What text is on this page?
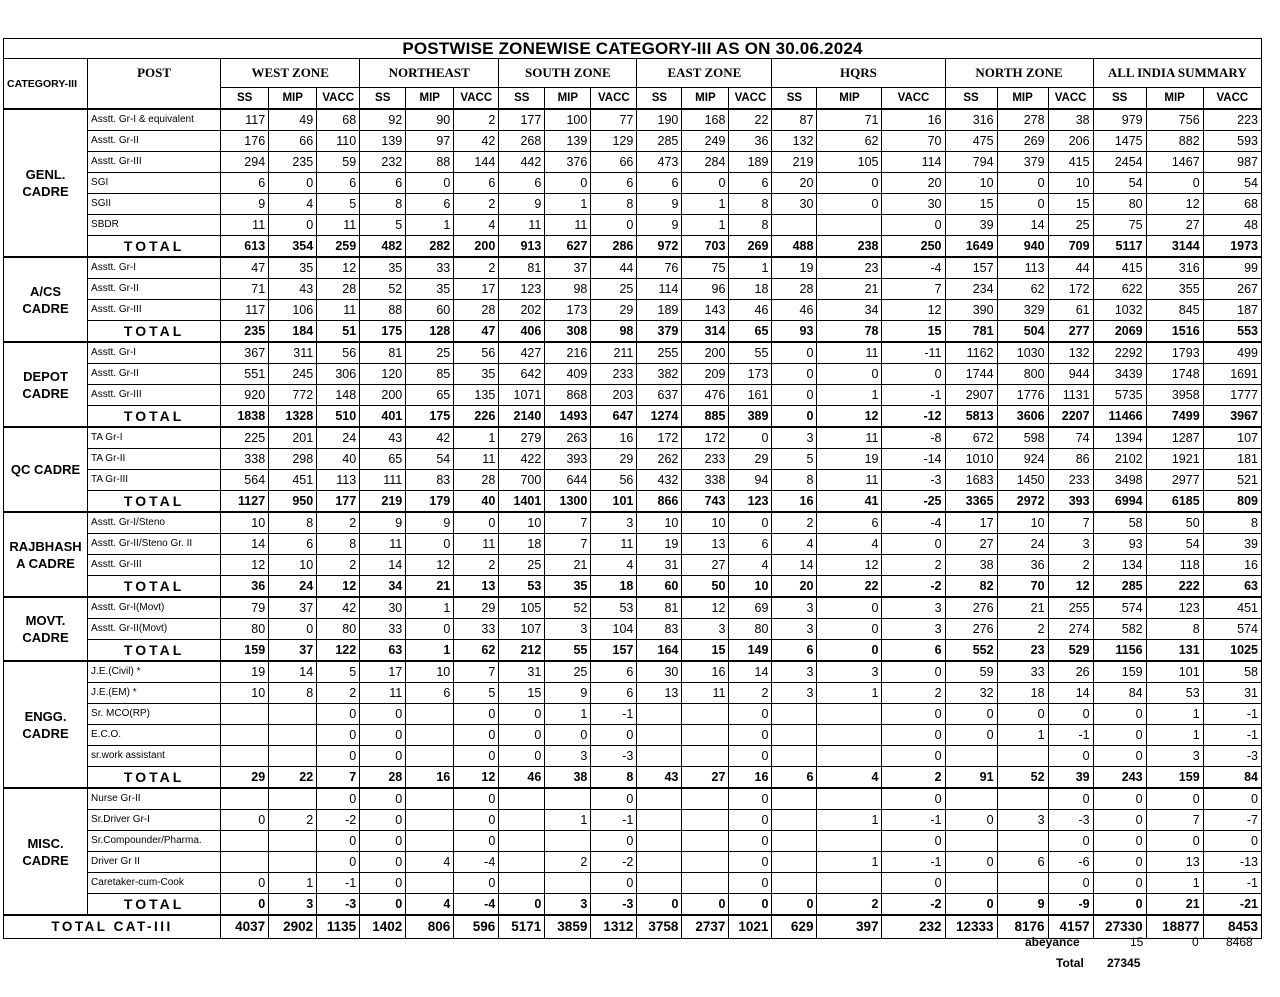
POSTWISE ZONEWISE CATEGORY-III AS ON 30.06.2024																						
CATEGORY-III	POST	WEST ZONE			NORTHEAST			SOUTH ZONE			EAST ZONE			HQRS			NORTH ZONE			ALL INDIA SUMMARY		
		SS	MIP	VACC	SS	MIP	VACC	SS	MIP	VACC	SS	MIP	VACC	SS	MIP	VACC	SS	MIP	VACC	SS	MIP	VACC
GENL. CADRE	Asstt. Gr-I & equivalent	117	49	68	92	90	2	177	100	77	190	168	22	87	71	16	316	278	38	979	756	223
	Asstt. Gr-II	176	66	110	139	97	42	268	139	129	285	249	36	132	62	70	475	269	206	1475	882	593
	Asstt. Gr-III	294	235	59	232	88	144	442	376	66	473	284	189	219	105	114	794	379	415	2454	1467	987
	SGI	6	0	6	6	0	6	6	0	6	6	0	6	20	0	20	10	0	10	54	0	54
	SGII	9	4	5	8	6	2	9	1	8	9	1	8	30	0	30	15	0	15	80	12	68
	SBDR	11	0	11	5	1	4	11	11	0	9	1	8			0	39	14	25	75	27	48
	TOTAL	613	354	259	482	282	200	913	627	286	972	703	269	488	238	250	1649	940	709	5117	3144	1973
A/CS CADRE	Asstt. Gr-I	47	35	12	35	33	2	81	37	44	76	75	1	19	23	-4	157	113	44	415	316	99
	Asstt. Gr-II	71	43	28	52	35	17	123	98	25	114	96	18	28	21	7	234	62	172	622	355	267
	Asstt. Gr-III	117	106	11	88	60	28	202	173	29	189	143	46	46	34	12	390	329	61	1032	845	187
	TOTAL	235	184	51	175	128	47	406	308	98	379	314	65	93	78	15	781	504	277	2069	1516	553
DEPOT CADRE	Asstt. Gr-I	367	311	56	81	25	56	427	216	211	255	200	55	0	11	-11	1162	1030	132	2292	1793	499
	Asstt. Gr-II	551	245	306	120	85	35	642	409	233	382	209	173	0	0	0	1744	800	944	3439	1748	1691
	Asstt. Gr-III	920	772	148	200	65	135	1071	868	203	637	476	161	0	1	-1	2907	1776	1131	5735	3958	1777
	TOTAL	1838	1328	510	401	175	226	2140	1493	647	1274	885	389	0	12	-12	5813	3606	2207	11466	7499	3967
QC CADRE	TA Gr-I	225	201	24	43	42	1	279	263	16	172	172	0	3	11	-8	672	598	74	1394	1287	107
	TA Gr-II	338	298	40	65	54	11	422	393	29	262	233	29	5	19	-14	1010	924	86	2102	1921	181
	TA Gr-III	564	451	113	111	83	28	700	644	56	432	338	94	8	11	-3	1683	1450	233	3498	2977	521
	TOTAL	1127	950	177	219	179	40	1401	1300	101	866	743	123	16	41	-25	3365	2972	393	6994	6185	809
RAJBHASH A CADRE	Asstt. Gr-I/Steno	10	8	2	9	9	0	10	7	3	10	10	0	2	6	-4	17	10	7	58	50	8
	Asstt. Gr-II/Steno Gr. II	14	6	8	11	0	11	18	7	11	19	13	6	4	4	0	27	24	3	93	54	39
	Asstt. Gr-III	12	10	2	14	12	2	25	21	4	31	27	4	14	12	2	38	36	2	134	118	16
	TOTAL	36	24	12	34	21	13	53	35	18	60	50	10	20	22	-2	82	70	12	285	222	63
MOVT. CADRE	Asstt. Gr-I(Movt)	79	37	42	30	1	29	105	52	53	81	12	69	3	0	3	276	21	255	574	123	451
	Asstt. Gr-II(Movt)	80	0	80	33	0	33	107	3	104	83	3	80	3	0	3	276	2	274	582	8	574
	TOTAL	159	37	122	63	1	62	212	55	157	164	15	149	6	0	6	552	23	529	1156	131	1025
ENGG. CADRE	J.E.(Civil) *	19	14	5	17	10	7	31	25	6	30	16	14	3	3	0	59	33	26	159	101	58
	J.E.(EM) *	10	8	2	11	6	5	15	9	6	13	11	2	3	1	2	32	18	14	84	53	31
	Sr. MCO(RP)			0	0		0	0	1	-1			0			0	0	0	0	0	1	-1
	E.C.O.			0	0		0	0	0	0			0			0	0	1	-1	0	1	-1
	sr.work assistant			0	0		0	0	3	-3			0			0			0	0	3	-3
	TOTAL	29	22	7	28	16	12	46	38	8	43	27	16	6	4	2	91	52	39	243	159	84
MISC. CADRE	Nurse Gr-II			0	0		0			0			0			0			0	0	0	0
	Sr.Driver Gr-I	0	2	-2	0		0		1	-1			0		1	-1	0	3	-3	0	7	-7
	Sr.Compounder/Pharma.			0	0		0			0			0			0			0	0	0	0
	Driver Gr II			0	0	4	-4		2	-2			0		1	-1	0	6	-6	0	13	-13
	Caretaker-cum-Cook	0	1	-1	0		0			0			0			0			0	0	1	-1
	TOTAL	0	3	-3	0	4	-4	0	3	-3	0	0	0	0	2	-2	0	9	-9	0	21	-21
TOTAL CAT-III		4037	2902	1135	1402	806	596	5171	3859	1312	3758	2737	1021	629	397	232	12333	8176	4157	27330	18877	8453
abeyance	15	0 8468
Total 27345
